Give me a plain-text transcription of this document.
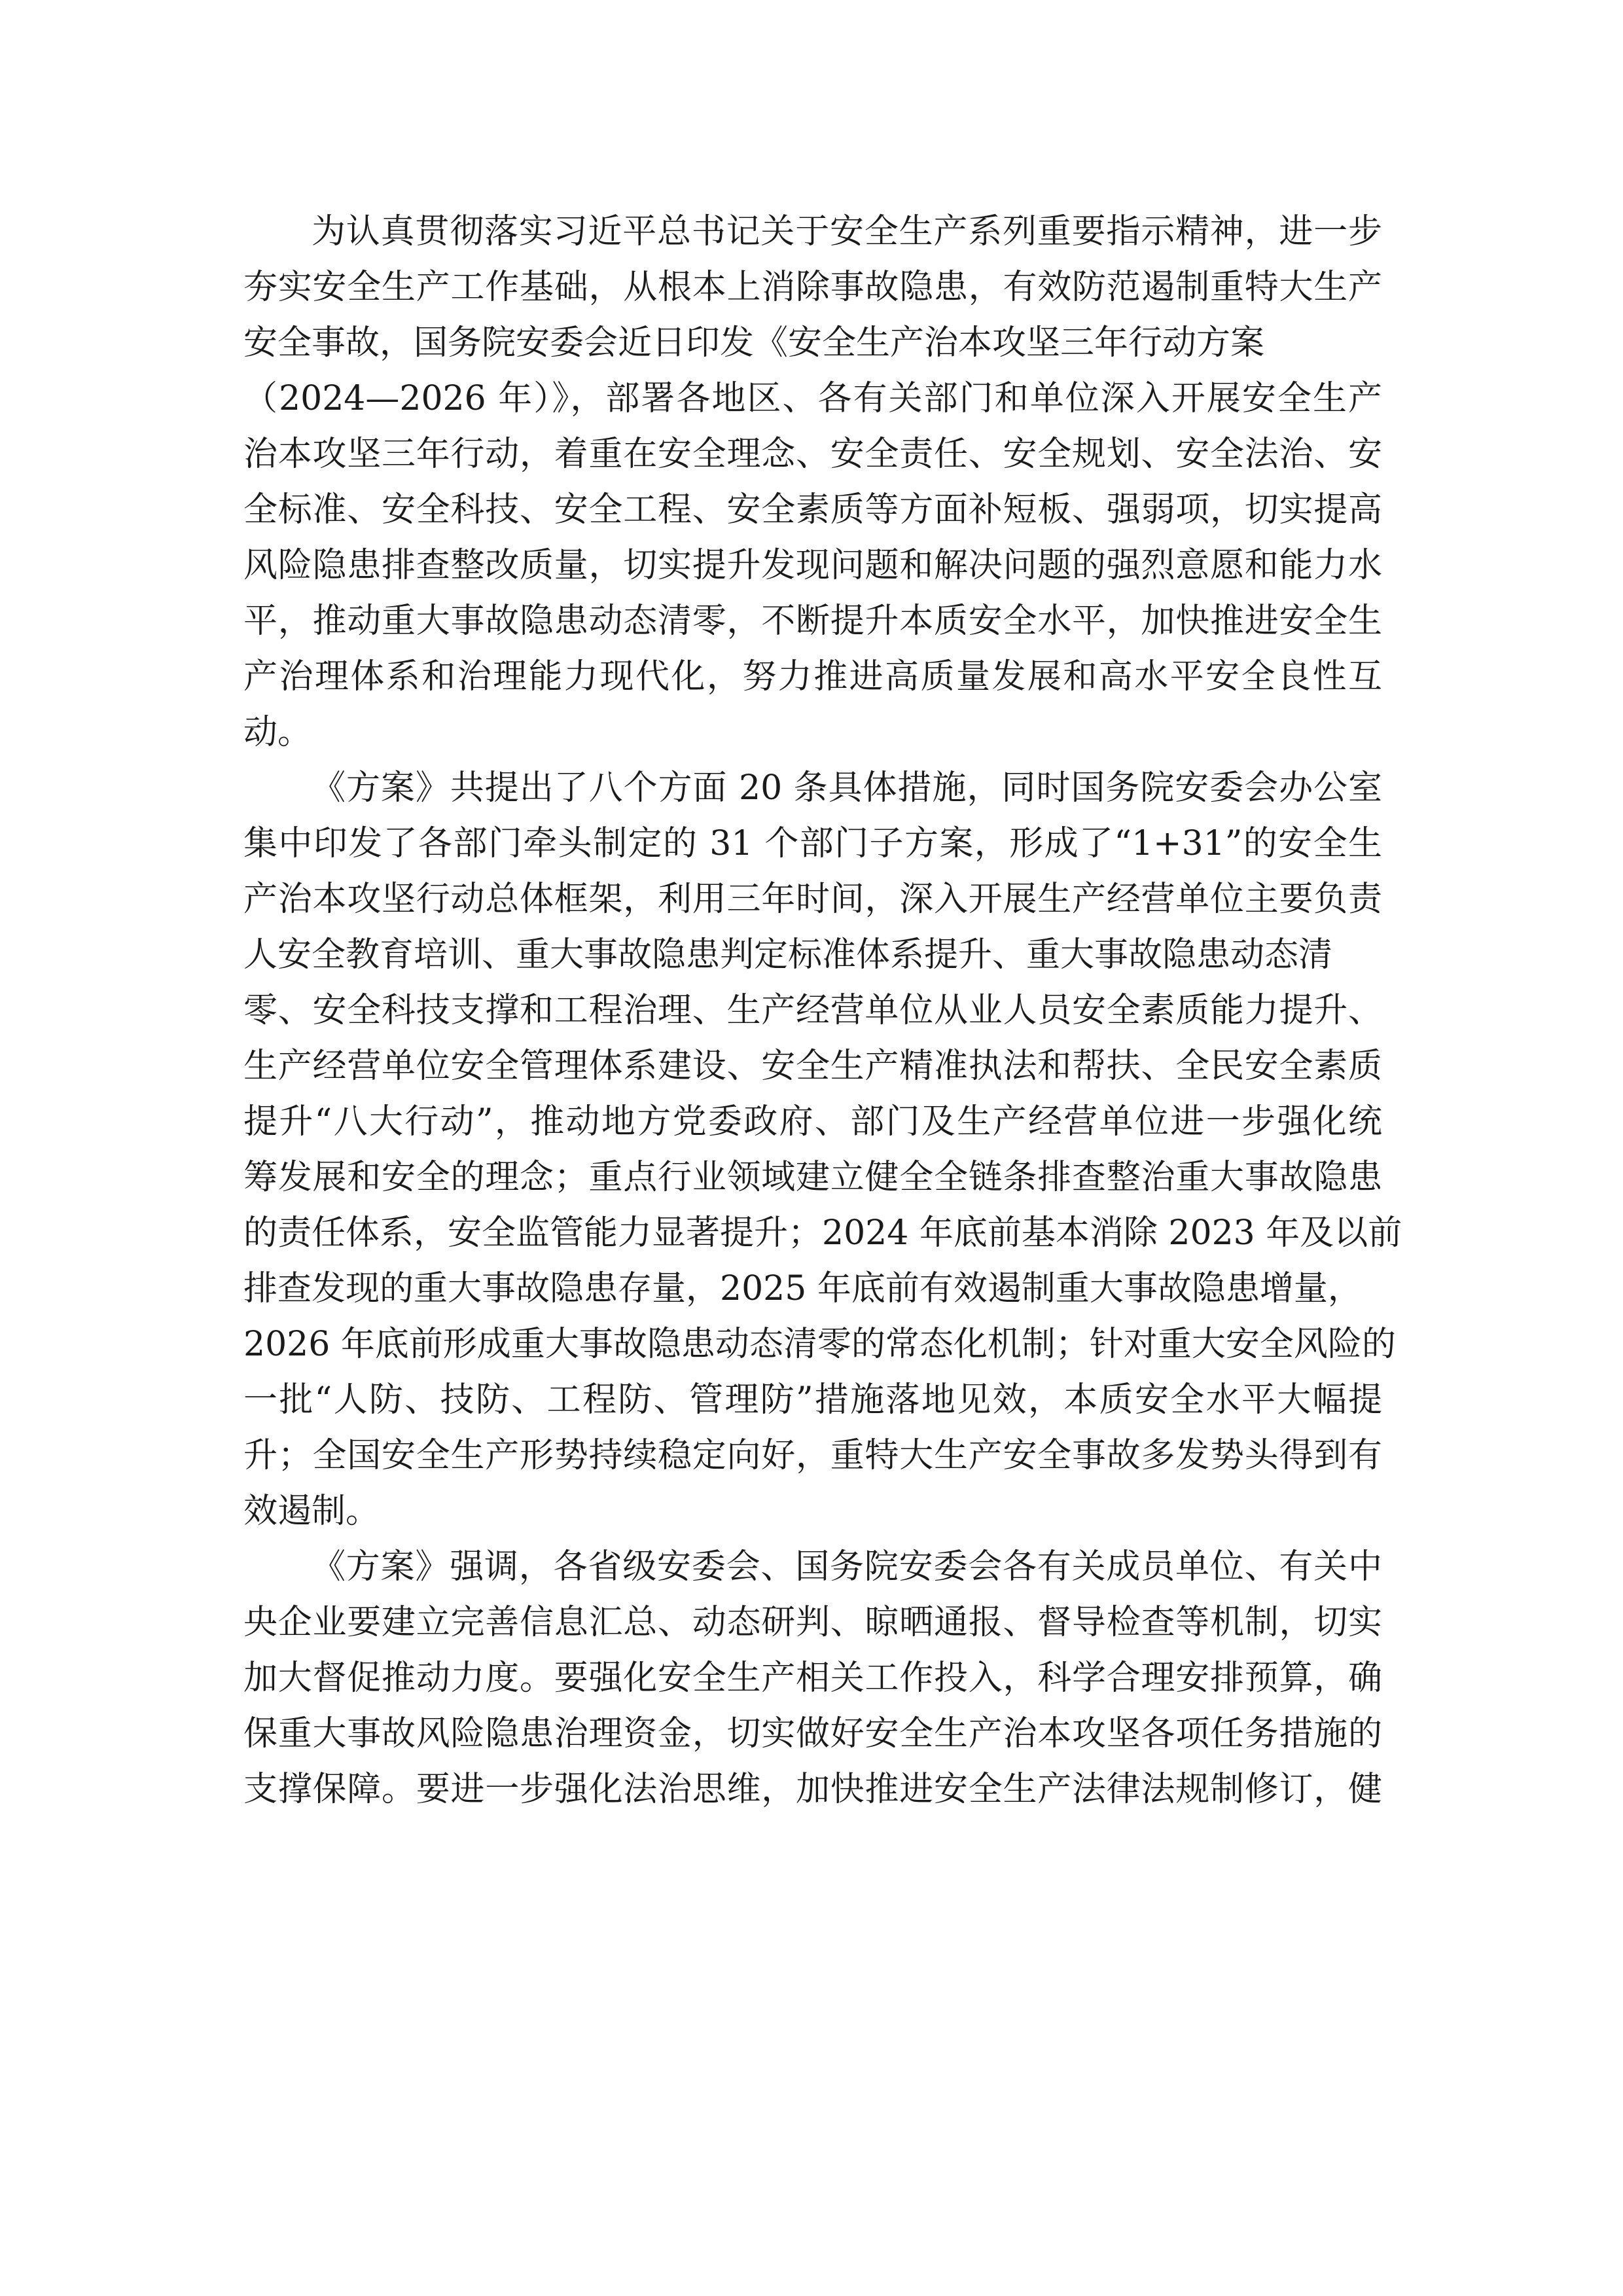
为认真贯彻落实习近平总书记关于安全生产系列重要指示精神，进一步
夯实安全生产工作基础，从根本上消除事故隐患，有效防范遏制重特大生产
安全事故，国务院安委会近日印发《安全生产治本攻坚三年行动方案
（2024—2026 年）》，部署各地区、各有关部门和单位深入开展安全生产
治本攻坚三年行动，着重在安全理念、安全责任、安全规划、安全法治、安
全标准、安全科技、安全工程、安全素质等方面补短板、强弱项，切实提高
风险隐患排查整改质量，切实提升发现问题和解决问题的强烈意愿和能力水
平，推动重大事故隐患动态清零，不断提升本质安全水平，加快推进安全生
产治理体系和治理能力现代化，努力推进高质量发展和高水平安全良性互
动。
《方案》共提出了八个方面 20 条具体措施，同时国务院安委会办公室
集中印发了各部门牵头制定的 31 个部门子方案，形成了“1+31”的安全生
产治本攻坚行动总体框架，利用三年时间，深入开展生产经营单位主要负责
人安全教育培训、重大事故隐患判定标准体系提升、重大事故隐患动态清
零、安全科技支撑和工程治理、生产经营单位从业人员安全素质能力提升、
生产经营单位安全管理体系建设、安全生产精准执法和帮扶、全民安全素质
提升“八大行动”，推动地方党委政府、部门及生产经营单位进一步强化统
筹发展和安全的理念；重点行业领域建立健全全链条排查整治重大事故隐患
的责任体系，安全监管能力显著提升；2024 年底前基本消除 2023 年及以前
排查发现的重大事故隐患存量，2025 年底前有效遏制重大事故隐患增量，
2026 年底前形成重大事故隐患动态清零的常态化机制；针对重大安全风险的
一批“人防、技防、工程防、管理防”措施落地见效，本质安全水平大幅提
升；全国安全生产形势持续稳定向好，重特大生产安全事故多发势头得到有
效遏制。
《方案》强调，各省级安委会、国务院安委会各有关成员单位、有关中
央企业要建立完善信息汇总、动态研判、晾晒通报、督导检查等机制，切实
加大督促推动力度。要强化安全生产相关工作投入，科学合理安排预算，确
保重大事故风险隐患治理资金，切实做好安全生产治本攻坚各项任务措施的
支撑保障。要进一步强化法治思维，加快推进安全生产法律法规制修订，健
